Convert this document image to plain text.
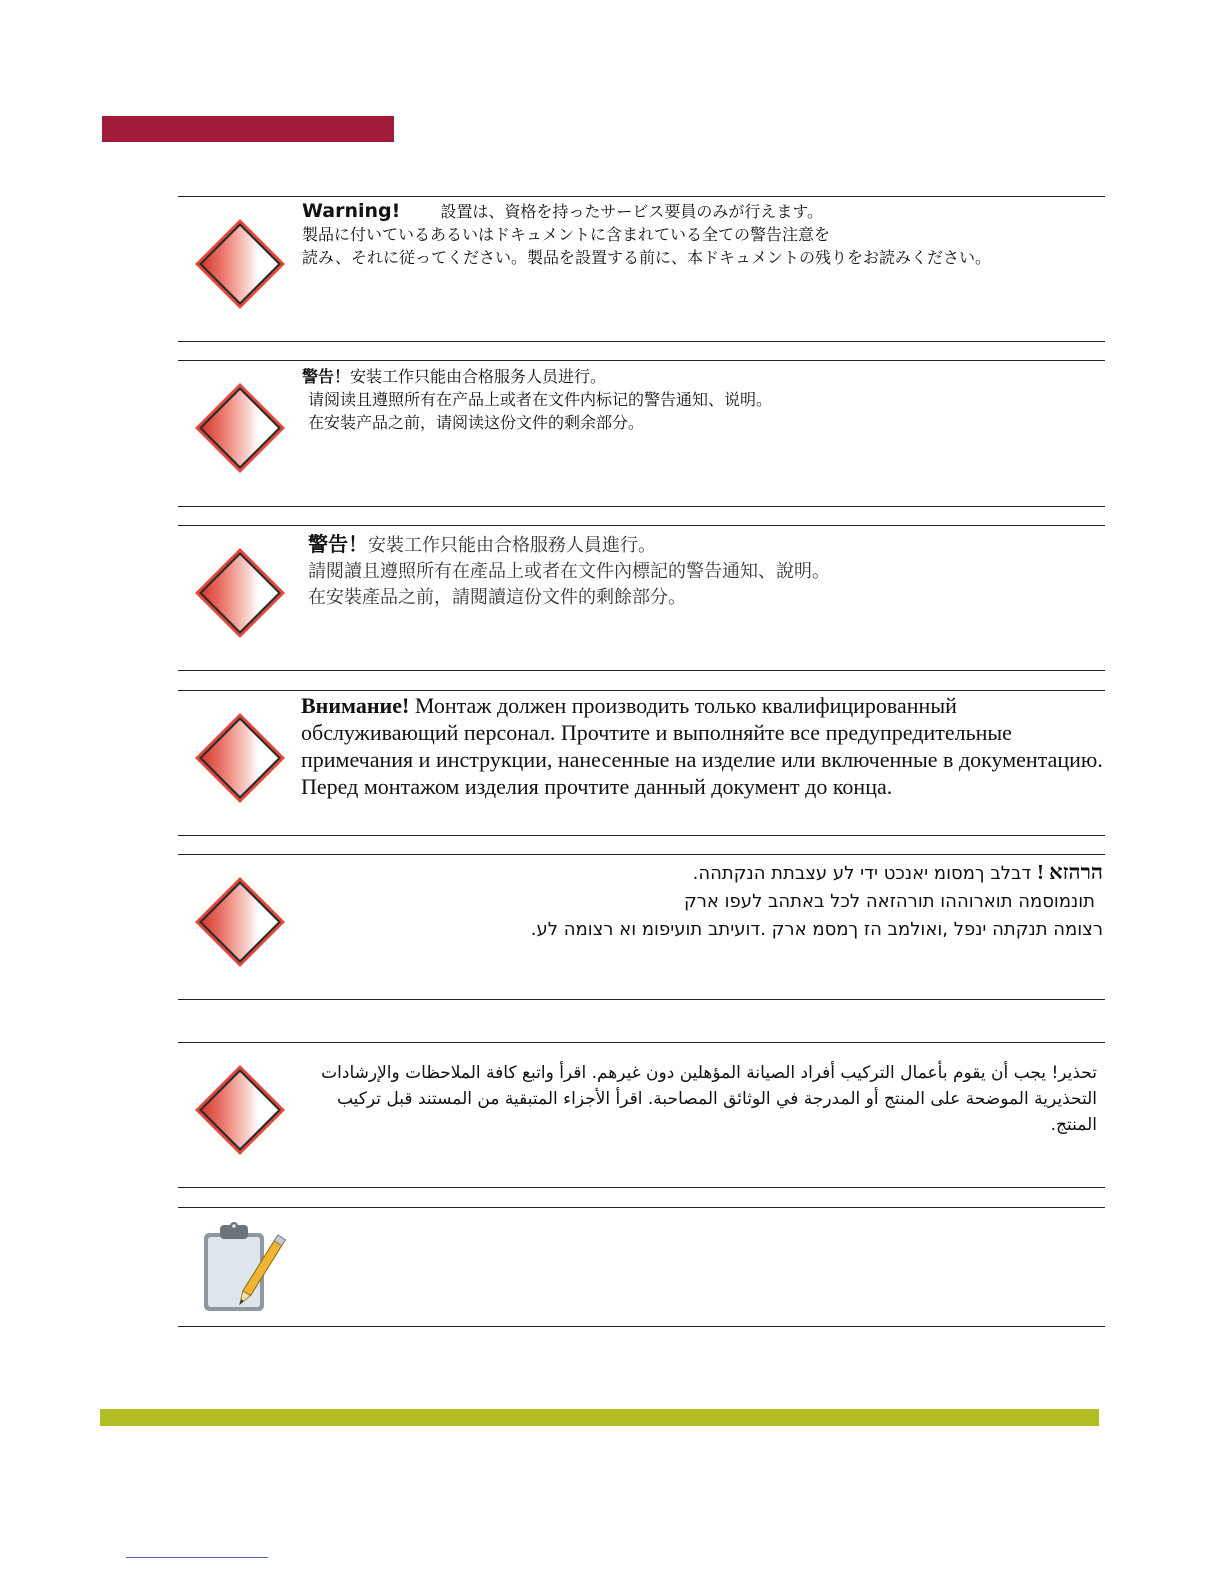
Warning!	設置は、資格を持ったサービス要員のみが行えます。
製品に付いているあるいはドキュメントに含まれている全ての警告注意を
読み、それに従ってください。製品を設置する前に、本ドキュメントの残りをお読みください。
警告！安装工作只能由合格服务人员进行。
请阅读且遵照所有在产品上或者在文件内标记的警告通知、说明。
在安装产品之前，请阅读这份文件的剩余部分。
警告！安裝工作只能由合格服務人員進行。
請閱讀且遵照所有在產品上或者在文件內標記的警告通知、說明。
在安裝產品之前，請閱讀這份文件的剩餘部分。
Внимание! Монтаж должен производить только квалифицированный обслуживающий персонал. Прочтите и выполняйте все предупредительные примечания и инструкции, нанесенные на изделие или включенные в документацию. Перед монтажом изделия прочтите данный документ до конца.
הרהזא ! דבלב ךמסומ יאנכט ידי לע עצבתת הנקתהה.
תונמוסמה תוארוההו תורהזאה לכל באתהב לעפו ארק
רצומה תנקתה ינפל ,ואולמב הז ךמסמ ארק .דועיתב תועיפומ וא רצומה לע.
تحذير! يجب أن يقوم بأعمال التركيب أفراد الصيانة المؤهلين دون غيرهم. اقرأ واتبع كافة الملاحظات والإرشادات التحذيرية الموضحة على المنتج أو المدرجة في الوثائق المصاحبة. اقرأ الأجزاء المتبقية من المستند قبل تركيب المنتج.
